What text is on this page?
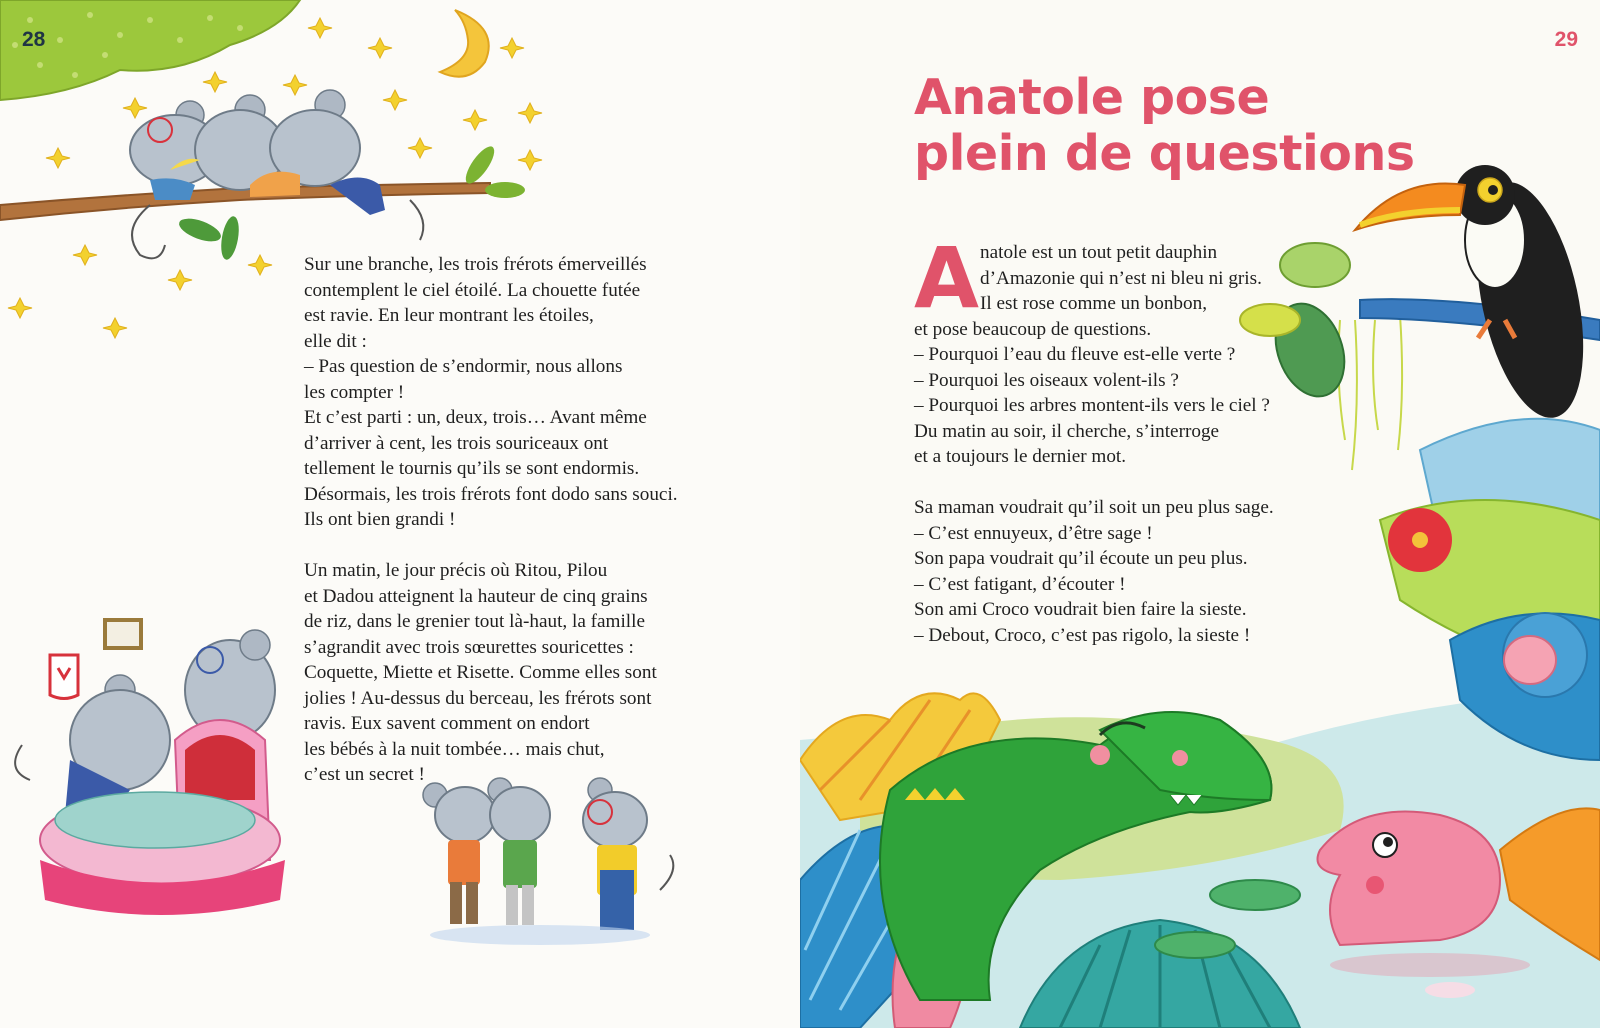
28
Sur une branche, les trois frérots émerveillés
contemplent le ciel étoilé. La chouette futée
est ravie. En leur montrant les étoiles,
elle dit :
– Pas question de s’endormir, nous allons
les compter !
Et c’est parti : un, deux, trois… Avant même
d’arriver à cent, les trois souriceaux ont
tellement le tournis qu’ils se sont endormis.
Désormais, les trois frérots font dodo sans souci.
Ils ont bien grandi !
Un matin, le jour précis où Ritou, Pilou
et Dadou atteignent la hauteur de cinq grains
de riz, dans le grenier tout là-haut, la famille
s’agrandit avec trois sœurettes souricettes :
Coquette, Miette et Risette. Comme elles sont
jolies ! Au-dessus du berceau, les frérots sont
ravis. Eux savent comment on endort
les bébés à la nuit tombée… mais chut,
c’est un secret !
29
Anatole pose
plein de questions
A natole est un tout petit dauphin
d’Amazonie qui n’est ni bleu ni gris.
Il est rose comme un bonbon,
et pose beaucoup de questions.
– Pourquoi l’eau du fleuve est-elle verte ?
– Pourquoi les oiseaux volent-ils ?
– Pourquoi les arbres montent-ils vers le ciel ?
Du matin au soir, il cherche, s’interroge
et a toujours le dernier mot.
Sa maman voudrait qu’il soit un peu plus sage.
– C’est ennuyeux, d’être sage !
Son papa voudrait qu’il écoute un peu plus.
– C’est fatigant, d’écouter !
Son ami Croco voudrait bien faire la sieste.
– Debout, Croco, c’est pas rigolo, la sieste !
